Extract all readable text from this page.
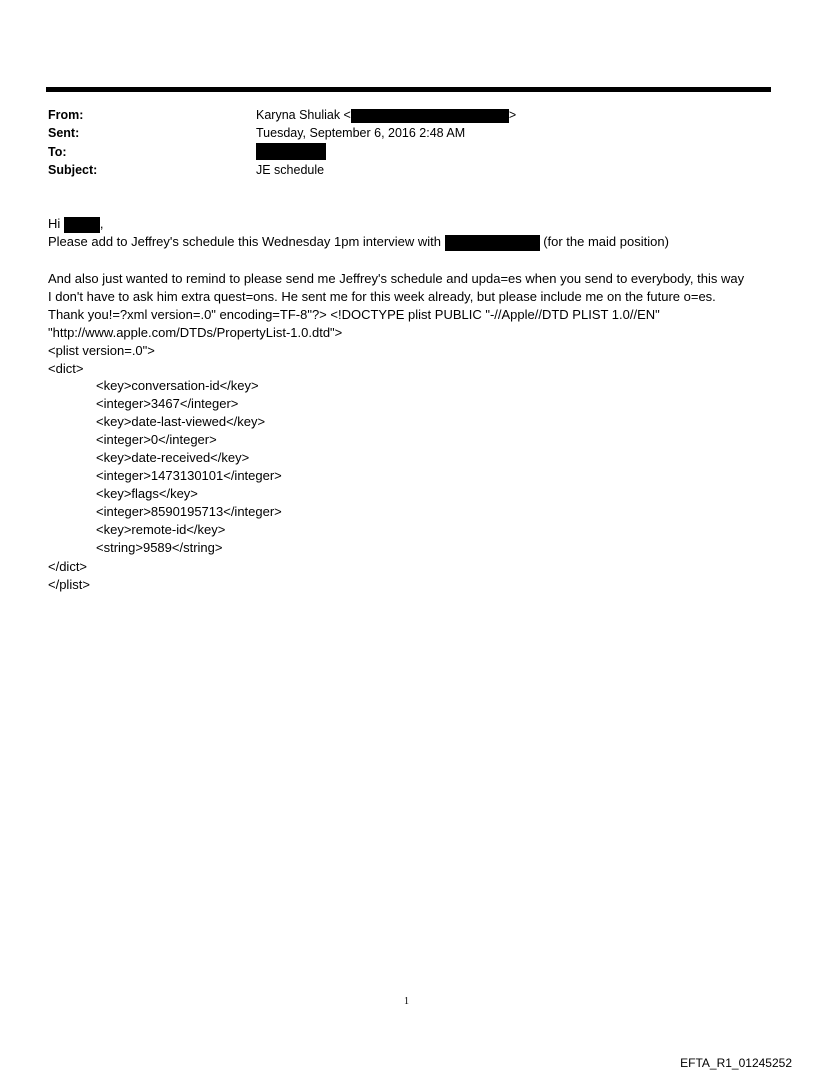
From:	Karyna Shuliak <	>
Sent:	Tuesday, September 6, 2016 2:48 AM
To:
Subject:	JE schedule
Hi	,
Please add to Jeffrey's schedule this Wednesday 1pm interview with	(for the maid position)
And also just wanted to remind to please send me Jeffrey's schedule and upda=es when you send to everybody, this way
I don't have to ask him extra quest=ons. He sent me for this week already, but please include me on the future o=es.
Thank you!=?xml version=.0" encoding=TF-8"?> <!DOCTYPE plist PUBLIC "-//Apple//DTD PLIST 1.0//EN"
"http://www.apple.com/DTDs/PropertyList-1.0.dtd">
<plist version=.0">
<dict>
<key>conversation-id</key>
<integer>3467</integer>
<key>date-last-viewed</key>
<integer>0</integer>
<key>date-received</key>
<integer>1473130101</integer>
<key>flags</key>
<integer>8590195713</integer>
<key>remote-id</key>
<string>9589</string>
</dict>
</plist>
1
EFTA_R1_01245252
